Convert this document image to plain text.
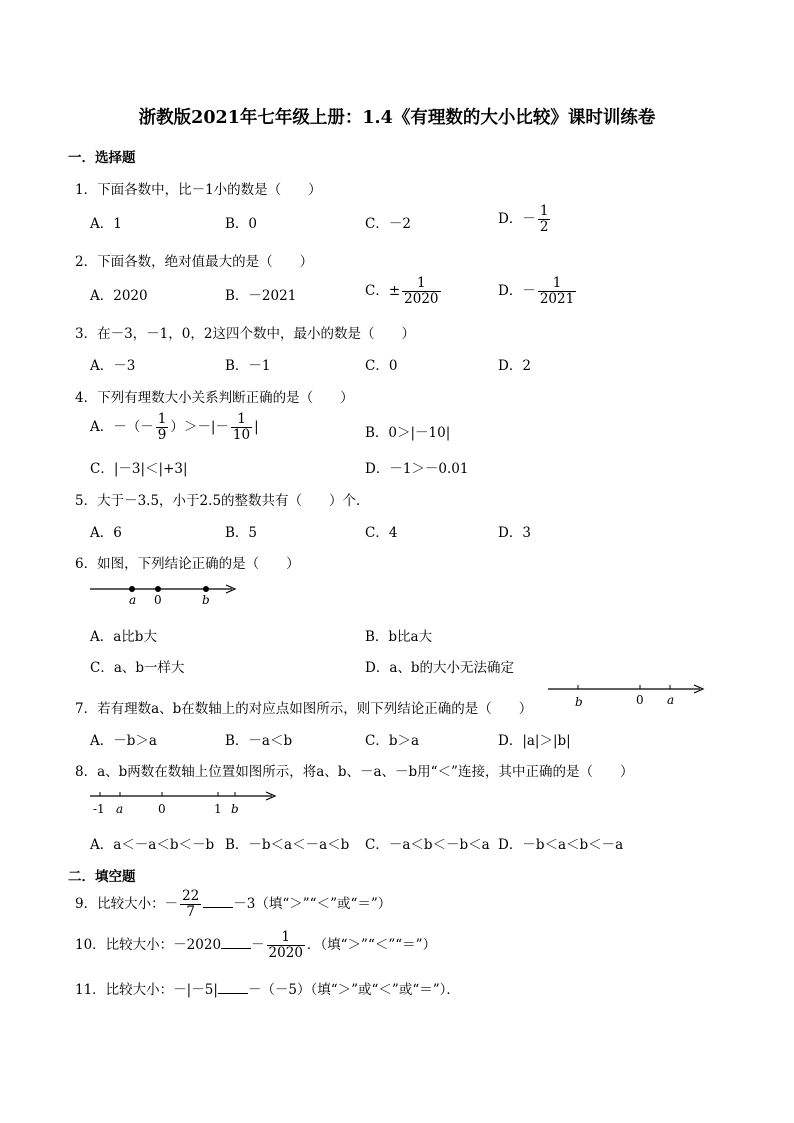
浙教版2021年七年级上册：1.4《有理数的大小比较》课时训练卷
一．选择题
1．下面各数中，比－1小的数是（　　）
A．1	B．0	C．－2	D．－ $\frac{1}{2}$
2．下面各数，绝对值最大的是（　　）
A．2020	B．－2021	C．± $\frac{1}{2020}$	D．－ $\frac{1}{2021}$
3．在－3，－1，0，2这四个数中，最小的数是（　　）
A．－3	B．－1	C．0	D．2
4．下列有理数大小关系判断正确的是（　　）
A．－（－ $\frac{1}{9}$ ）＞－|－ $\frac{1}{10}$ |	B．0＞|－10|
C．|－3|＜|+3|	D．－1＞－0.01
5．大于－3.5，小于2.5的整数共有（　　）个．
A．6	B．5	C．4	D．3
6．如图，下列结论正确的是（　　）
a 0	b
A．a比b大	B．b比a大
C．a、b一样大	D．a、b的大小无法确定
7．若有理数a、b在数轴上的对应点如图所示，则下列结论正确的是（　　）	b	0 a
A．－b＞a	B．－a＜b	C．b＞a	D．|a|＞|b|
8．a、b两数在数轴上位置如图所示，将a、b、－a、－b用“＜”连接，其中正确的是（　　）
-1 a	0	1 b
A．a＜－a＜b＜－b B．－b＜a＜－a＜b C．－a＜b＜－b＜a D．－b＜a＜b＜－a
二．填空题
9．比较大小：－ $\frac{22}{7} -3$（填“＞”“＜”或“＝”）
10．比较大小：$-2020 - \frac{1}{2020}$ ．（填“＞”“＜”“＝”）
11．比较大小：－|－5| －（－5）（填“＞”或“＜”或“＝”）．
